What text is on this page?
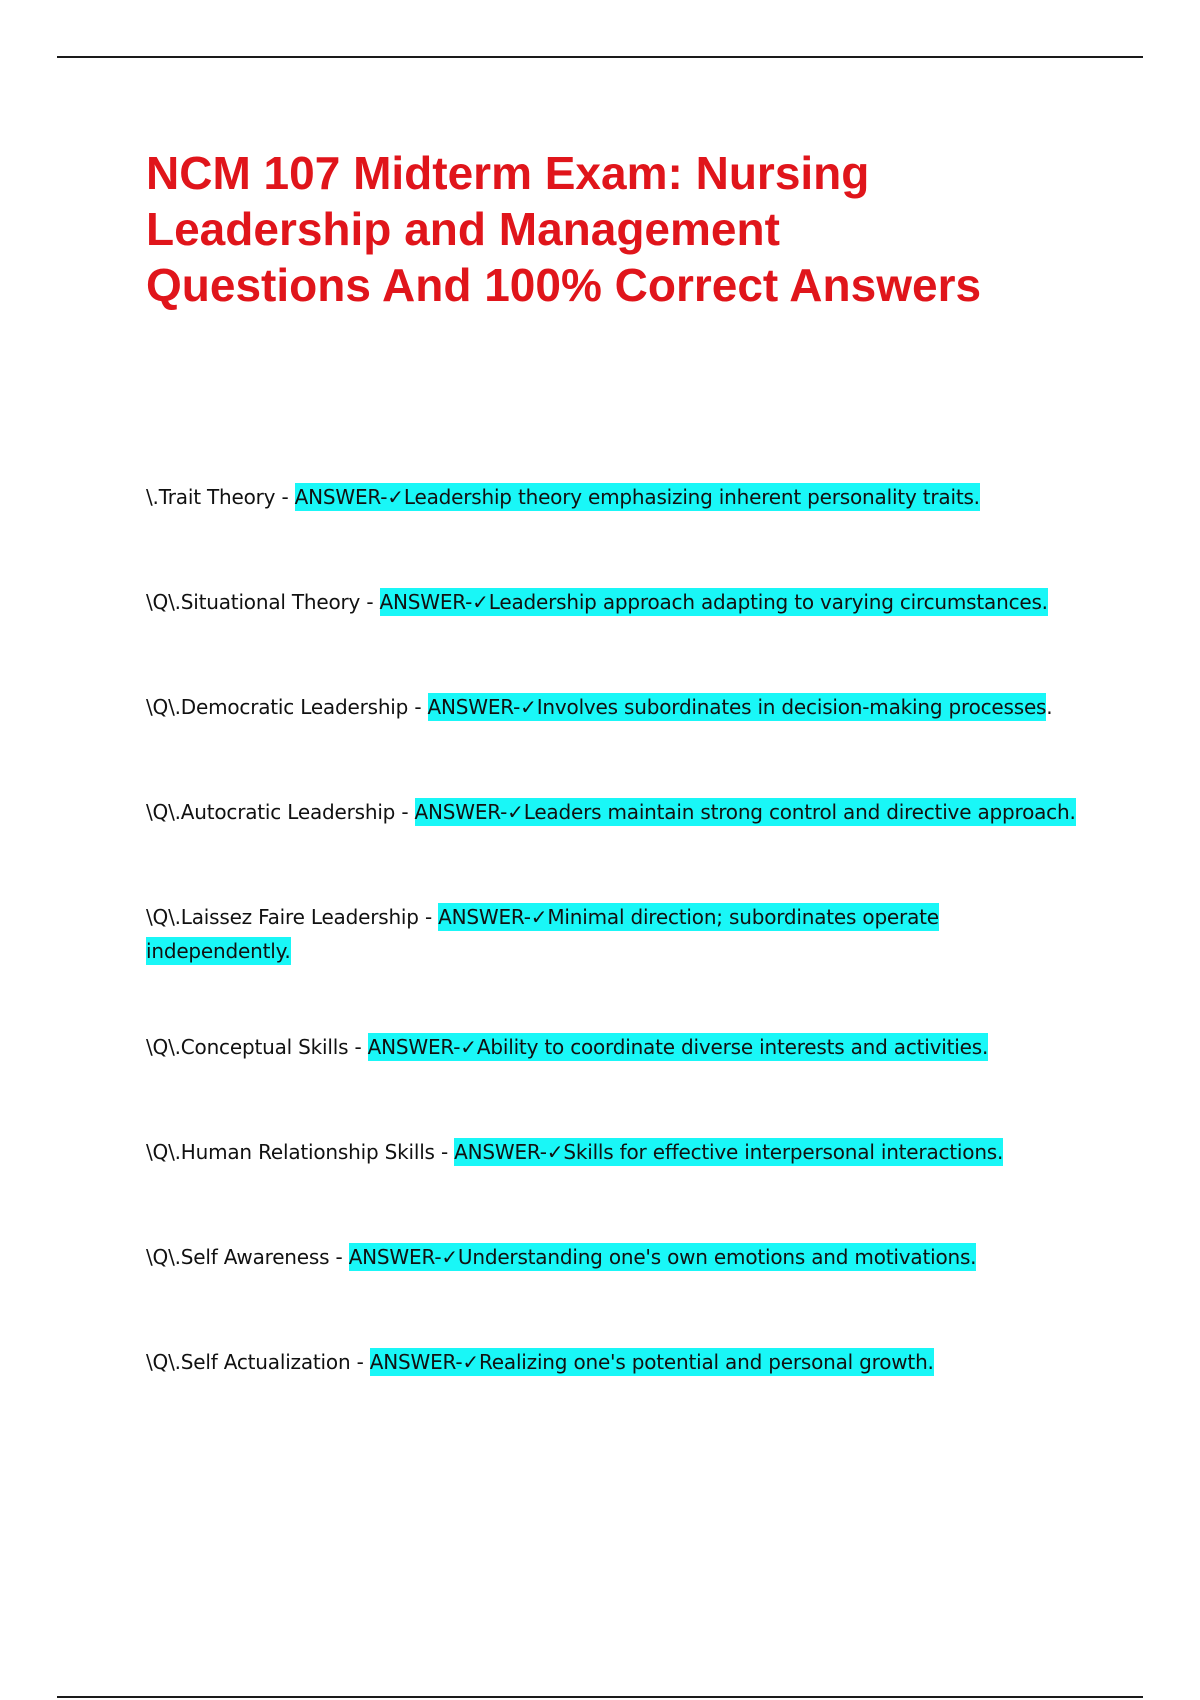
NCM 107 Midterm Exam: Nursing
Leadership and Management
Questions And 100% Correct Answers

\.Trait Theory - ANSWER-✓Leadership theory emphasizing inherent personality traits.

\Q\.Situational Theory - ANSWER-✓Leadership approach adapting to varying circumstances.

\Q\.Democratic Leadership - ANSWER-✓Involves subordinates in decision-making processes.

\Q\.Autocratic Leadership - ANSWER-✓Leaders maintain strong control and directive approach.

\Q\.Laissez Faire Leadership - ANSWER-✓Minimal direction; subordinates operate independently.

\Q\.Conceptual Skills - ANSWER-✓Ability to coordinate diverse interests and activities.

\Q\.Human Relationship Skills - ANSWER-✓Skills for effective interpersonal interactions.

\Q\.Self Awareness - ANSWER-✓Understanding one's own emotions and motivations.

\Q\.Self Actualization - ANSWER-✓Realizing one's potential and personal growth.
